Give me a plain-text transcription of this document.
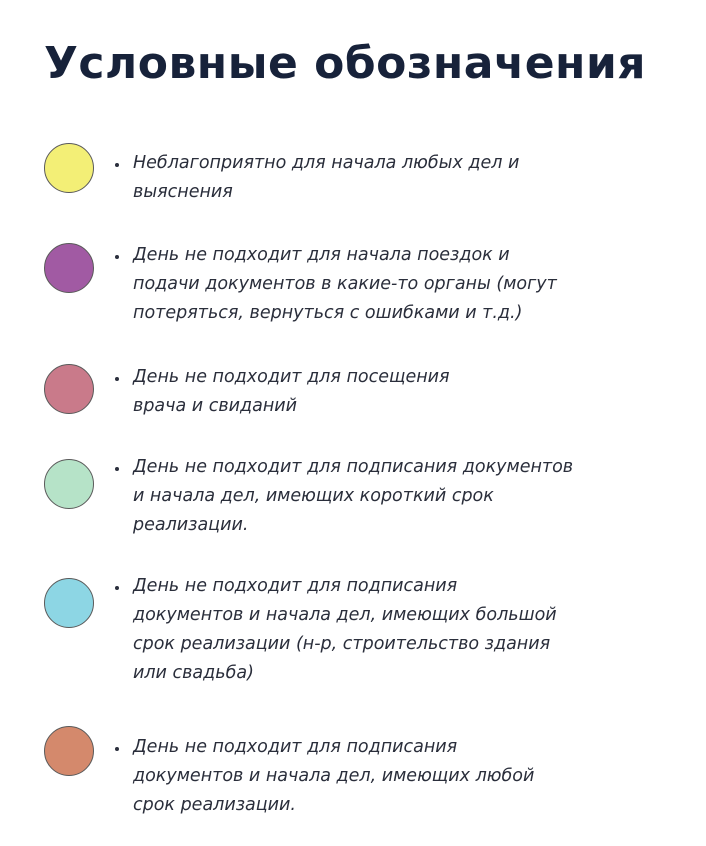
Условные обозначения

Неблагоприятно для начала любых дел и
выяснения

День не подходит для начала поездок и
подачи документов в какие-то органы (могут
потеряться, вернуться с ошибками и т.д.)

День не подходит для посещения
врача и свиданий

День не подходит для подписания документов
и начала дел, имеющих короткий срок
реализации.

День не подходит для подписания
документов и начала дел, имеющих большой
срок реализации (н-р, строительство здания
или свадьба)

День не подходит для подписания
документов и начала дел, имеющих любой
срок реализации.
